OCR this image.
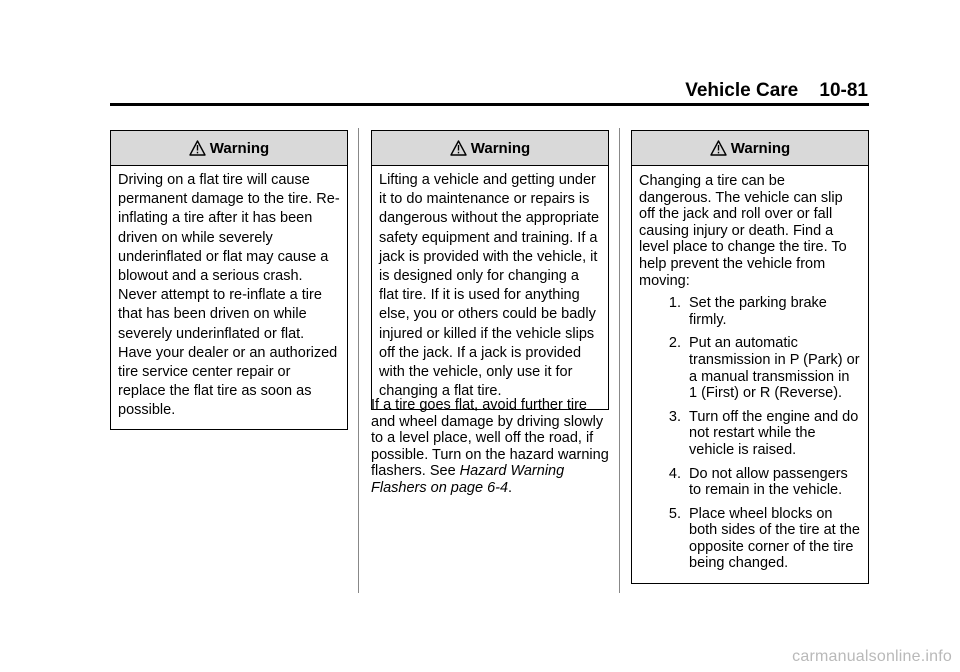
Vehicle Care 10-81
Warning
Driving on a flat tire will cause permanent damage to the tire. Re-inflating a tire after it has been driven on while severely underinflated or flat may cause a blowout and a serious crash. Never attempt to re-inflate a tire that has been driven on while severely underinflated or flat. Have your dealer or an authorized tire service center repair or replace the flat tire as soon as possible.
Warning
Lifting a vehicle and getting under it to do maintenance or repairs is dangerous without the appropriate safety equipment and training. If a jack is provided with the vehicle, it is designed only for changing a flat tire. If it is used for anything else, you or others could be badly injured or killed if the vehicle slips off the jack. If a jack is provided with the vehicle, only use it for changing a flat tire.
If a tire goes flat, avoid further tire and wheel damage by driving slowly to a level place, well off the road, if possible. Turn on the hazard warning flashers. See Hazard Warning Flashers on page 6-4.
Warning
Changing a tire can be dangerous. The vehicle can slip off the jack and roll over or fall causing injury or death. Find a level place to change the tire. To help prevent the vehicle from moving:
1. Set the parking brake firmly.
2. Put an automatic transmission in P (Park) or a manual transmission in 1 (First) or R (Reverse).
3. Turn off the engine and do not restart while the vehicle is raised.
4. Do not allow passengers to remain in the vehicle.
5. Place wheel blocks on both sides of the tire at the opposite corner of the tire being changed.
carmanualsonline.info
